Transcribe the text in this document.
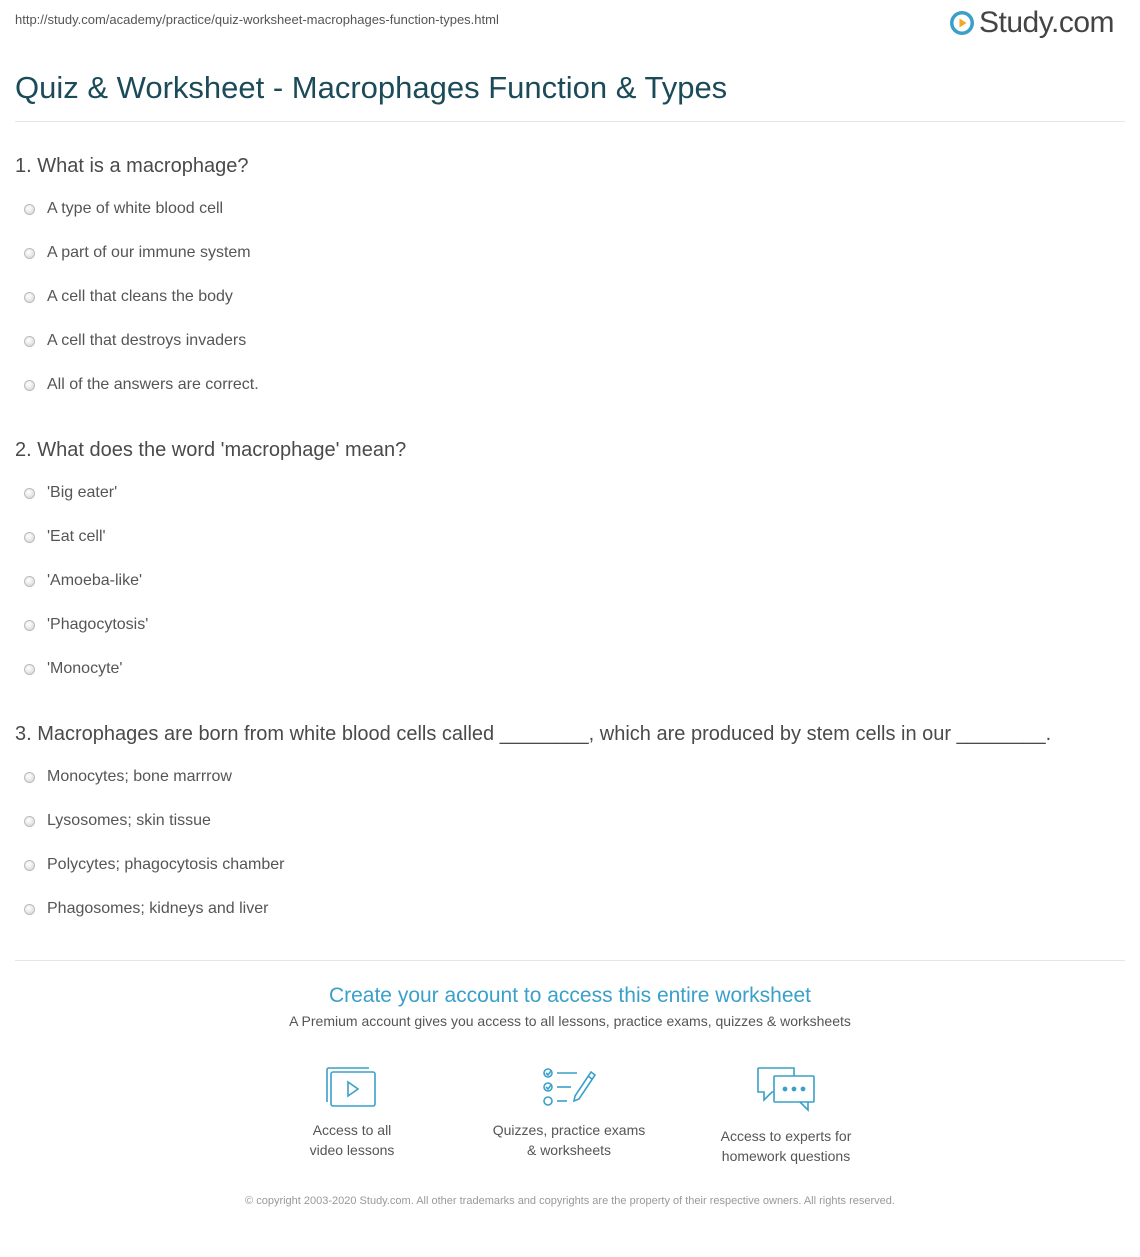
http://study.com/academy/practice/quiz-worksheet-macrophages-function-types.html	Study.com
Quiz & Worksheet - Macrophages Function & Types
1. What is a macrophage?
A type of white blood cell
A part of our immune system
A cell that cleans the body
A cell that destroys invaders
All of the answers are correct.
2. What does the word 'macrophage' mean?
'Big eater'
'Eat cell'
'Amoeba-like'
'Phagocytosis'
'Monocyte'
3. Macrophages are born from white blood cells called ________, which are produced by stem cells in our ________.
Monocytes; bone marrrow
Lysosomes; skin tissue
Polycytes; phagocytosis chamber
Phagosomes; kidneys and liver
Create your account to access this entire worksheet
A Premium account gives you access to all lessons, practice exams, quizzes & worksheets
Access to all
video lessons
Quizzes, practice exams
& worksheets
Access to experts for
homework questions
© copyright 2003-2020 Study.com. All other trademarks and copyrights are the property of their respective owners. All rights reserved.
